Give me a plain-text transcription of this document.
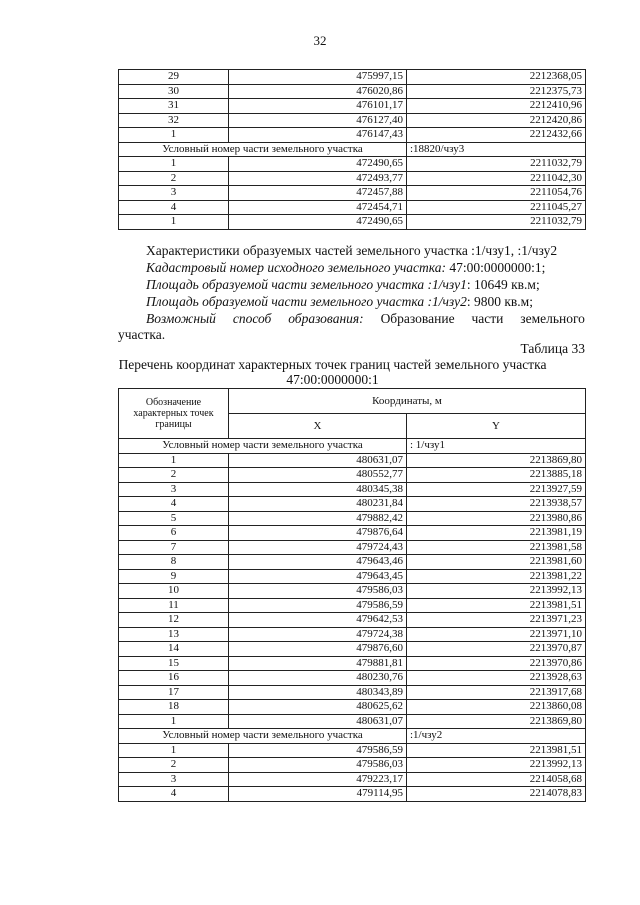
32
29	475997,15	2212368,05
30	476020,86	2212375,73
31	476101,17	2212410,96
32	476127,40	2212420,86
1	476147,43	2212432,66
Условный номер части земельного участка		:18820/чзу3
1	472490,65	2211032,79
2	472493,77	2211042,30
3	472457,88	2211054,76
4	472454,71	2211045,27
1	472490,65	2211032,79
Характеристики образуемых частей земельного участка :1/чзу1, :1/чзу2
Кадастровый номер исходного земельного участка: 47:00:0000000:1;
Площадь образуемой части земельного участка :1/чзу1: 10649 кв.м;
Площадь образуемой части земельного участка :1/чзу2: 9800 кв.м;
Возможный способ образования: Образование части земельного
участка.
Таблица 33
Перечень координат характерных точек границ частей земельного участка
47:00:0000000:1
Обозначение характерных точек границы	Координаты, м	
	X	Y
Условный номер части земельного участка		: 1/чзу1
1	480631,07	2213869,80
2	480552,77	2213885,18
3	480345,38	2213927,59
4	480231,84	2213938,57
5	479882,42	2213980,86
6	479876,64	2213981,19
7	479724,43	2213981,58
8	479643,46	2213981,60
9	479643,45	2213981,22
10	479586,03	2213992,13
11	479586,59	2213981,51
12	479642,53	2213971,23
13	479724,38	2213971,10
14	479876,60	2213970,87
15	479881,81	2213970,86
16	480230,76	2213928,63
17	480343,89	2213917,68
18	480625,62	2213860,08
1	480631,07	2213869,80
Условный номер части земельного участка		:1/чзу2
1	479586,59	2213981,51
2	479586,03	2213992,13
3	479223,17	2214058,68
4	479114,95	2214078,83
